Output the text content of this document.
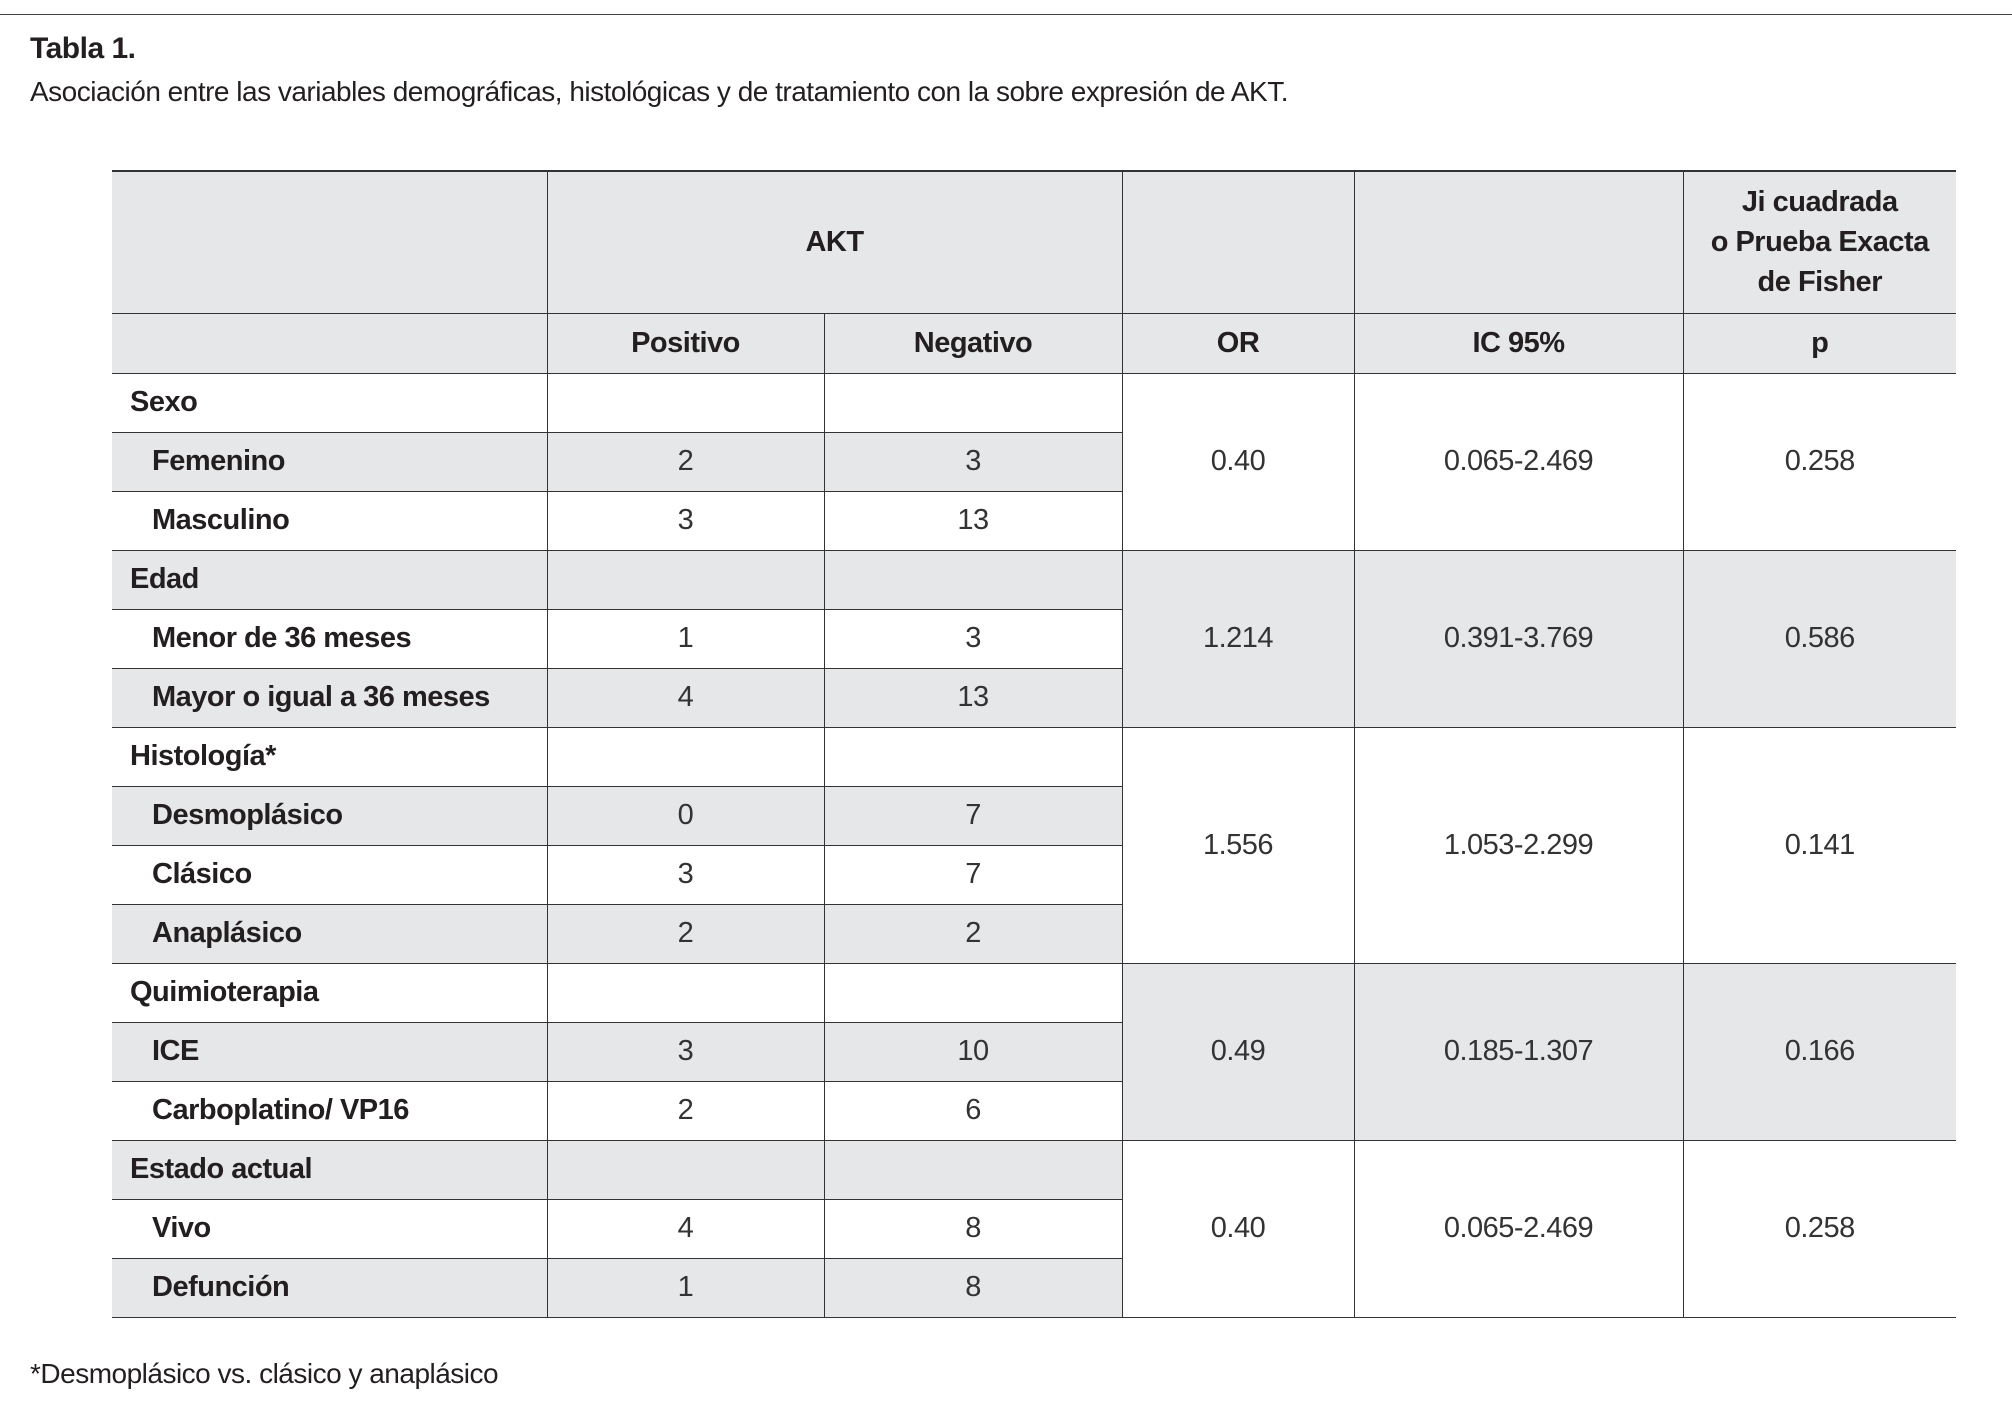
Tabla 1.
Asociación entre las variables demográficas, histológicas y de tratamiento con la sobre expresión de AKT.
	AKT				Ji cuadrada
o Prueba Exacta
de Fisher

	Positivo	Negativo	OR	IC 95%	p
Sexo			0.40	0.065-2.469	0.258
Femenino	2	3			
Masculino	3	13			
Edad			1.214	0.391-3.769	0.586
Menor de 36 meses	1	3			
Mayor o igual a 36 meses	4	13			
Histología*			1.556	1.053-2.299	0.141
Desmoplásico	0	7			
Clásico	3	7			
Anaplásico	2	2			
Quimioterapia			0.49	0.185-1.307	0.166
ICE	3	10			
Carboplatino/ VP16	2	6			
Estado actual			0.40	0.065-2.469	0.258
Vivo	4	8			
Defunción	1	8			
*Desmoplásico vs. clásico y anaplásico
